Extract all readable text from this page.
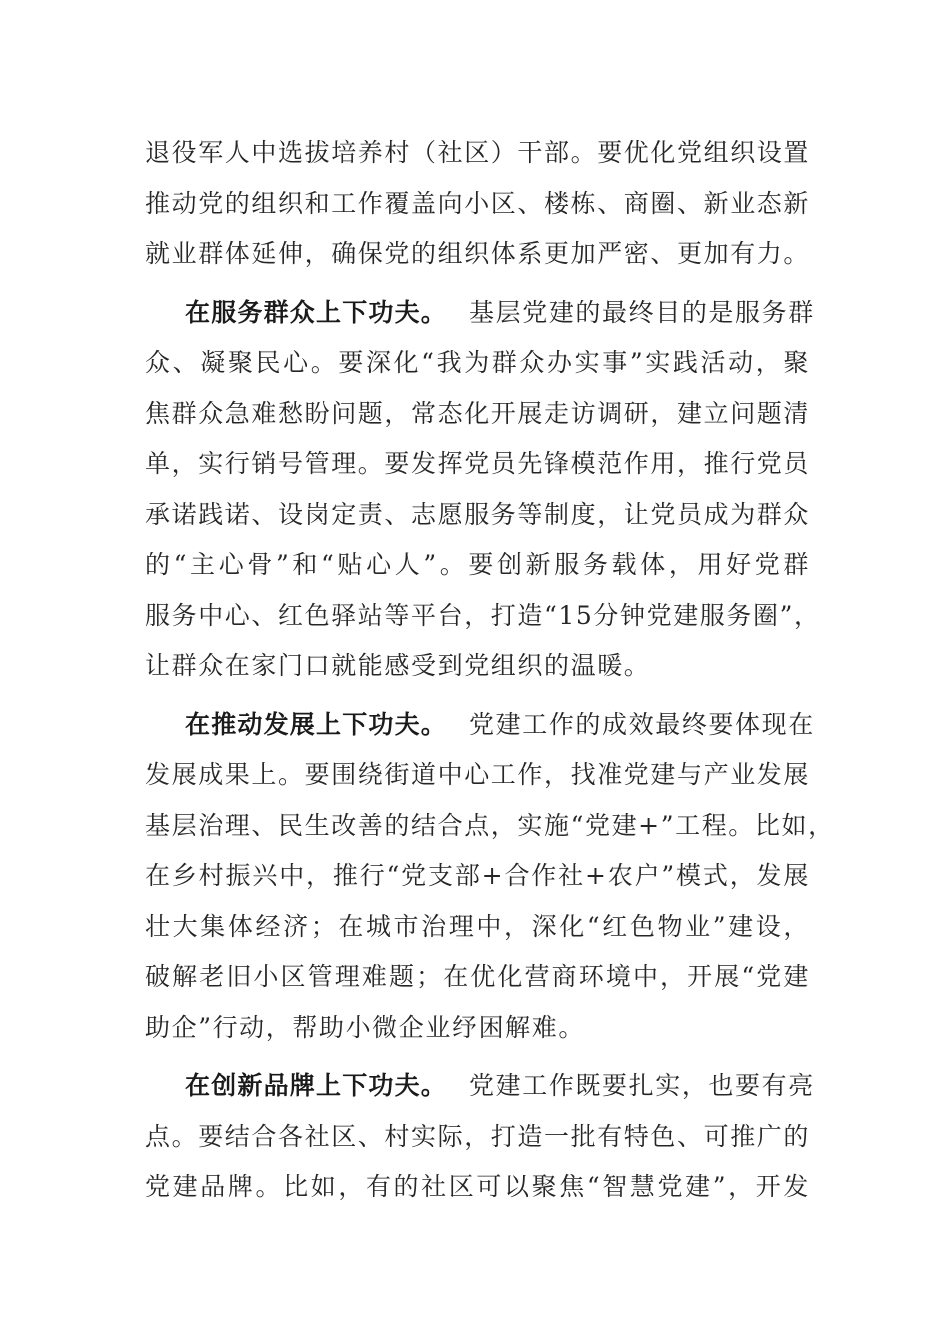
退役军人中选拔培养村（社区）干部。要优化党组织设置
推动党的组织和工作覆盖向小区、楼栋、商圈、新业态新
就业群体延伸，确保党的组织体系更加严密、更加有力。
在服务群众上下功夫。 基层党建的最终目的是服务群
众、凝聚民心。要深化“我为群众办实事”实践活动，聚
焦群众急难愁盼问题，常态化开展走访调研，建立问题清
单，实行销号管理。要发挥党员先锋模范作用，推行党员
承诺践诺、设岗定责、志愿服务等制度，让党员成为群众
的“主心骨”和“贴心人”。要创新服务载体，用好党群
服务中心、红色驿站等平台，打造“15分钟党建服务圈”，
让群众在家门口就能感受到党组织的温暖。
在推动发展上下功夫。 党建工作的成效最终要体现在
发展成果上。要围绕街道中心工作，找准党建与产业发展
基层治理、民生改善的结合点，实施“党建+”工程。比如，
在乡村振兴中，推行“党支部+合作社+农户”模式，发展
壮大集体经济；在城市治理中，深化“红色物业”建设，
破解老旧小区管理难题；在优化营商环境中，开展“党建
助企”行动，帮助小微企业纾困解难。
在创新品牌上下功夫。 党建工作既要扎实，也要有亮
点。要结合各社区、村实际，打造一批有特色、可推广的
党建品牌。比如，有的社区可以聚焦“智慧党建”，开发
